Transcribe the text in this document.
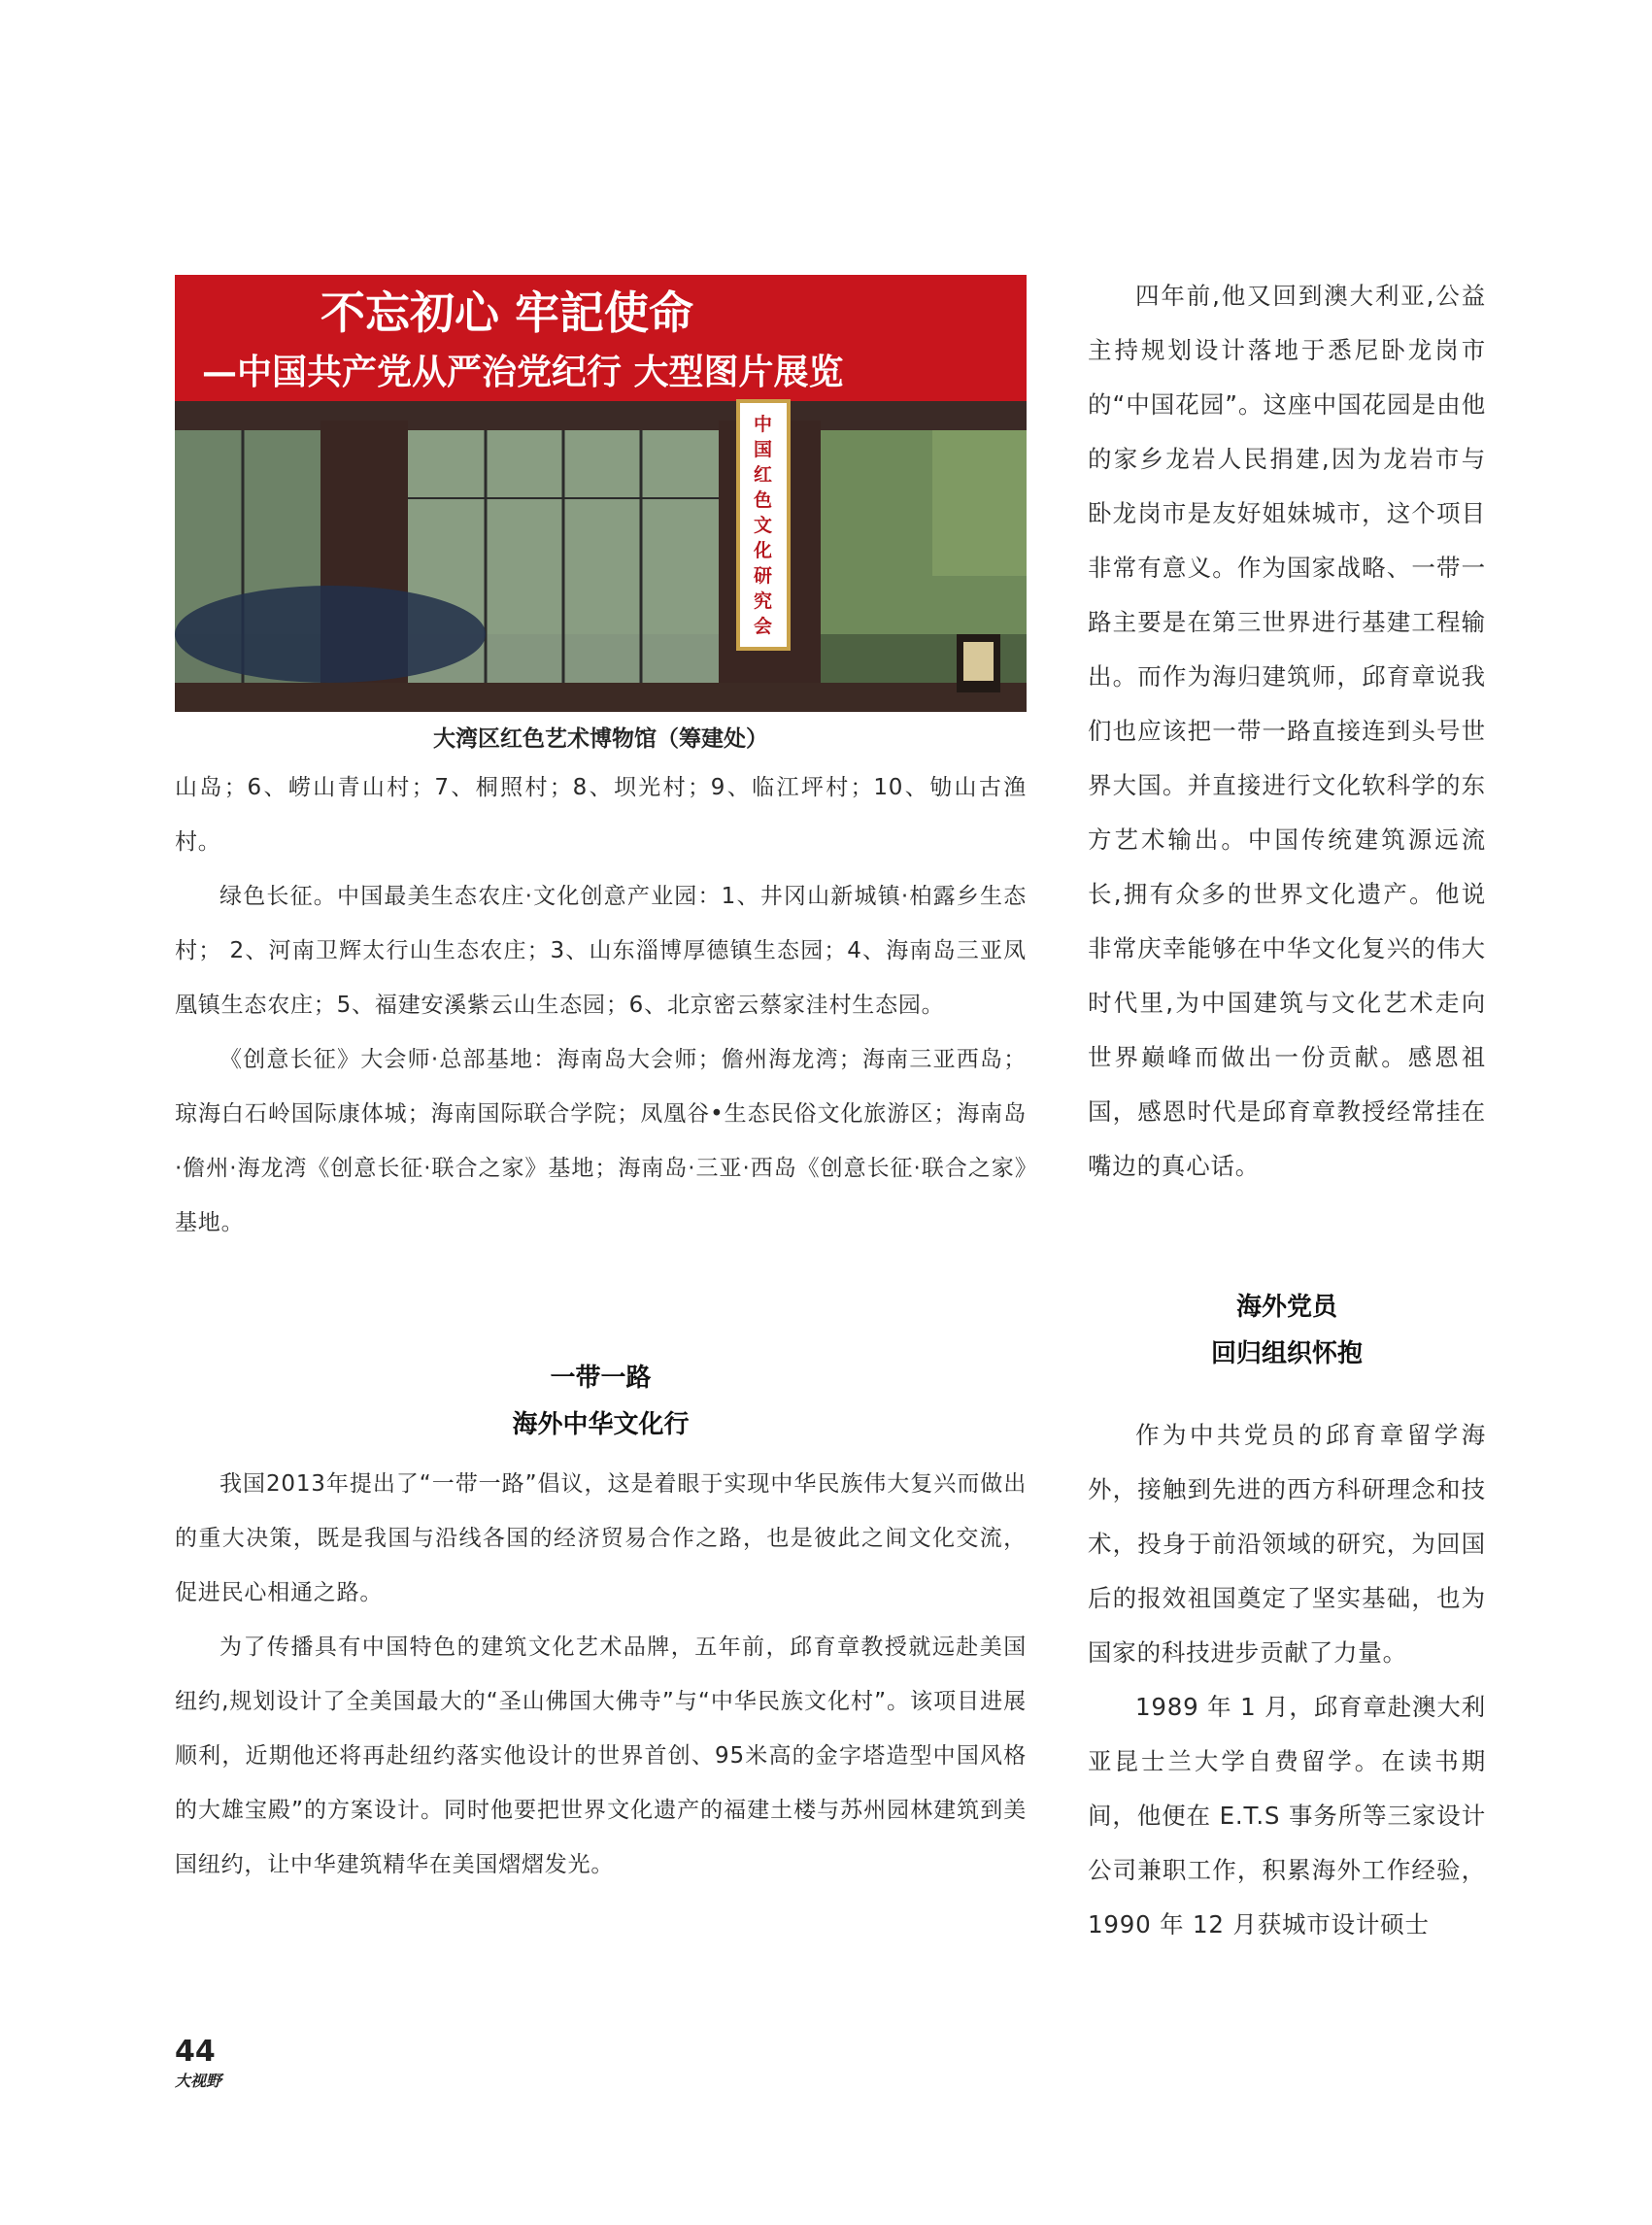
不忘初心 牢記使命
—中国共产党从严治党纪行 大型图片展览
中
国
红
色
文
化
研
究
会
大湾区红色艺术博物馆（筹建处）

山岛；6、崂山青山村；7、桐照村；8、坝光村；9、临江坪村；10、劬山古渔村。

绿色长征。中国最美生态农庄·文化创意产业园：1、井冈山新城镇·柏露乡生态村； 2、河南卫辉太行山生态农庄；3、山东淄博厚德镇生态园；4、海南岛三亚凤凰镇生态农庄；5、福建安溪紫云山生态园；6、北京密云蔡家洼村生态园。

《创意长征》大会师·总部基地：海南岛大会师；儋州海龙湾；海南三亚西岛；琼海白石岭国际康体城；海南国际联合学院；凤凰谷•生态民俗文化旅游区；海南岛·儋州·海龙湾《创意长征·联合之家》基地；海南岛·三亚·西岛《创意长征·联合之家》基地。

一带一路
海外中华文化行

我国2013年提出了“一带一路”倡议，这是着眼于实现中华民族伟大复兴而做出的重大决策，既是我国与沿线各国的经济贸易合作之路，也是彼此之间文化交流，促进民心相通之路。

为了传播具有中国特色的建筑文化艺术品牌，五年前，邱育章教授就远赴美国纽约,规划设计了全美国最大的“圣山佛国大佛寺”与“中华民族文化村”。该项目进展顺利，近期他还将再赴纽约落实他设计的世界首创、95米高的金字塔造型中国风格的大雄宝殿”的方案设计。同时他要把世界文化遗产的福建土楼与苏州园林建筑到美国纽约，让中华建筑精华在美国熠熠发光。

四年前,他又回到澳大利亚,公益主持规划设计落地于悉尼卧龙岗市的“中国花园”。这座中国花园是由他的家乡龙岩人民捐建,因为龙岩市与卧龙岗市是友好姐妹城市，这个项目非常有意义。作为国家战略、一带一路主要是在第三世界进行基建工程输出。而作为海归建筑师，邱育章说我们也应该把一带一路直接连到头号世界大国。并直接进行文化软科学的东方艺术输出。中国传统建筑源远流长,拥有众多的世界文化遗产。他说非常庆幸能够在中华文化复兴的伟大时代里,为中国建筑与文化艺术走向世界巅峰而做出一份贡献。感恩祖国，感恩时代是邱育章教授经常挂在嘴边的真心话。

海外党员
回归组织怀抱

作为中共党员的邱育章留学海外，接触到先进的西方科研理念和技术，投身于前沿领域的研究，为回国后的报效祖国奠定了坚实基础，也为国家的科技进步贡献了力量。

1989 年 1 月，邱育章赴澳大利亚昆士兰大学自费留学。在读书期间，他便在 E.T.S 事务所等三家设计公司兼职工作，积累海外工作经验，1990 年 12 月获城市设计硕士

44
大视野
